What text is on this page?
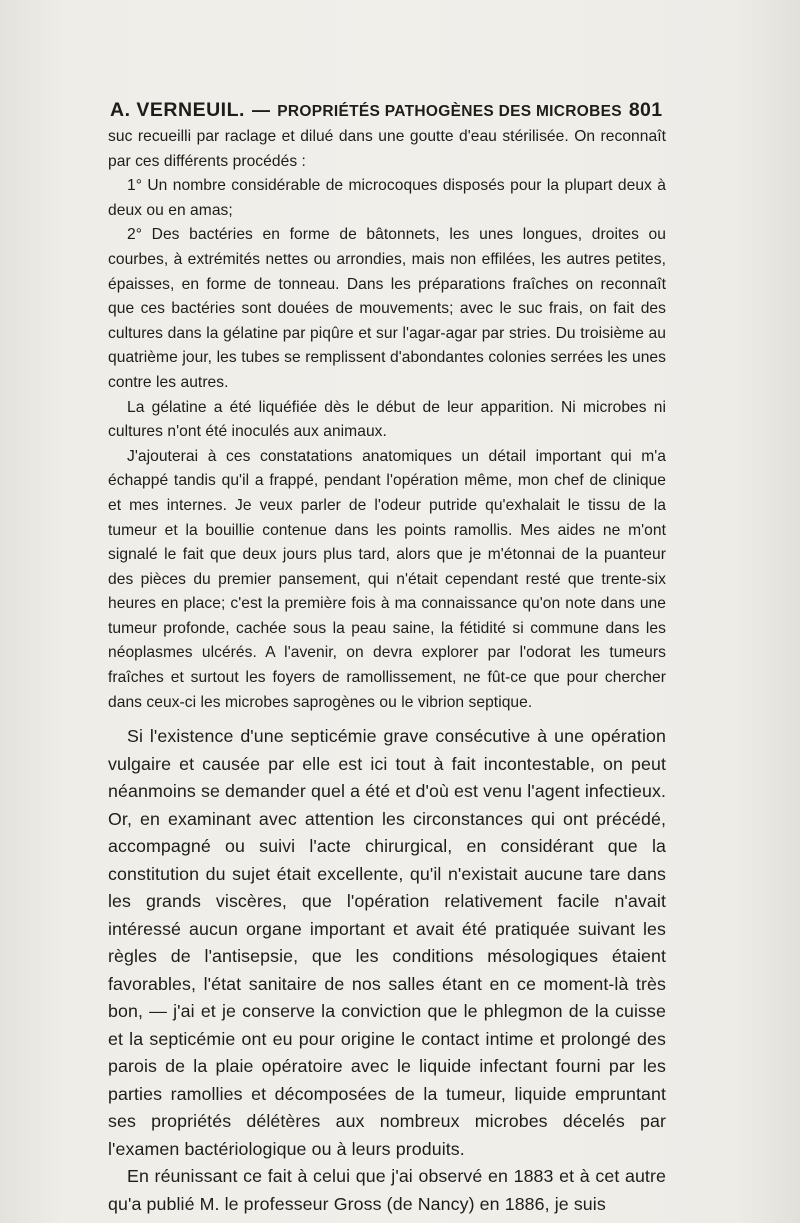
A. VERNEUIL. — PROPRIÉTÉS PATHOGÈNES DES MICROBES 801

suc recueilli par raclage et dilué dans une goutte d'eau stérilisée. On reconnaît par ces différents procédés :

1° Un nombre considérable de microcoques disposés pour la plupart deux à deux ou en amas;

2° Des bactéries en forme de bâtonnets, les unes longues, droites ou courbes, à extrémités nettes ou arrondies, mais non effilées, les autres petites, épaisses, en forme de tonneau. Dans les préparations fraîches on reconnaît que ces bactéries sont douées de mouvements; avec le suc frais, on fait des cultures dans la gélatine par piqûre et sur l'agar-agar par stries. Du troisième au quatrième jour, les tubes se remplissent d'abondantes colonies serrées les unes contre les autres.

La gélatine a été liquéfiée dès le début de leur apparition. Ni microbes ni cultures n'ont été inoculés aux animaux.

J'ajouterai à ces constatations anatomiques un détail important qui m'a échappé tandis qu'il a frappé, pendant l'opération même, mon chef de clinique et mes internes. Je veux parler de l'odeur putride qu'exhalait le tissu de la tumeur et la bouillie contenue dans les points ramollis. Mes aides ne m'ont signalé le fait que deux jours plus tard, alors que je m'étonnai de la puanteur des pièces du premier pansement, qui n'était cependant resté que trente-six heures en place; c'est la première fois à ma connaissance qu'on note dans une tumeur profonde, cachée sous la peau saine, la fétidité si commune dans les néoplasmes ulcérés. A l'avenir, on devra explorer par l'odorat les tumeurs fraîches et surtout les foyers de ramollissement, ne fût-ce que pour chercher dans ceux-ci les microbes saprogènes ou le vibrion septique.

Si l'existence d'une septicémie grave consécutive à une opération vulgaire et causée par elle est ici tout à fait incontestable, on peut néanmoins se demander quel a été et d'où est venu l'agent infectieux. Or, en examinant avec attention les circonstances qui ont précédé, accompagné ou suivi l'acte chirurgical, en considérant que la constitution du sujet était excellente, qu'il n'existait aucune tare dans les grands viscères, que l'opération relativement facile n'avait intéressé aucun organe important et avait été pratiquée suivant les règles de l'antisepsie, que les conditions mésologiques étaient favorables, l'état sanitaire de nos salles étant en ce moment-là très bon, — j'ai et je conserve la conviction que le phlegmon de la cuisse et la septicémie ont eu pour origine le contact intime et prolongé des parois de la plaie opératoire avec le liquide infectant fourni par les parties ramollies et décomposées de la tumeur, liquide empruntant ses propriétés délétères aux nombreux microbes décelés par l'examen bactériologique ou à leurs produits.

En réunissant ce fait à celui que j'ai observé en 1883 et à cet autre qu'a publié M. le professeur Gross (de Nancy) en 1886, je suis
